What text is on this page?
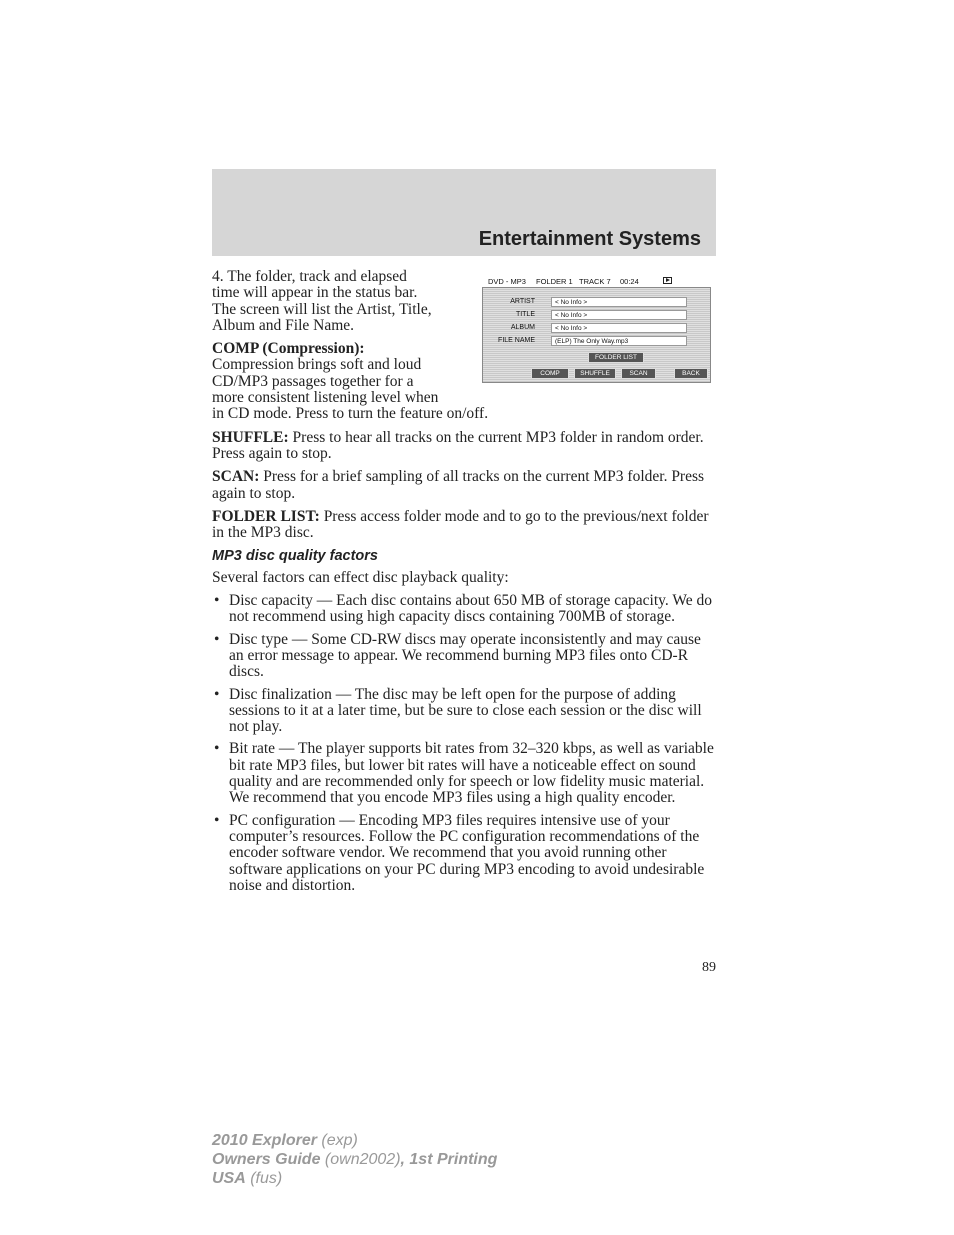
Entertainment Systems
DVD - MP3 FOLDER 1 TRACK 7 00:24
ARTIST	< No Info >
TITLE	< No Info >
ALBUM	< No Info >
FILE NAME	(ELP) The Only Way.mp3
FOLDER LIST
COMP	SHUFFLE	SCAN	BACK

4. The folder, track and elapsed
time will appear in the status bar.
The screen will list the Artist, Title,
Album and File Name.

COMP (Compression):
Compression brings soft and loud
CD/MP3 passages together for a
more consistent listening level when
in CD mode. Press to turn the feature on/off.

SHUFFLE: Press to hear all tracks on the current MP3 folder in random order. Press again to stop.

SCAN: Press for a brief sampling of all tracks on the current MP3 folder. Press again to stop.

FOLDER LIST: Press access folder mode and to go to the previous/next folder in the MP3 disc.

MP3 disc quality factors

Several factors can effect disc playback quality:

• Disc capacity — Each disc contains about 650 MB of storage capacity. We do not recommend using high capacity discs containing 700MB of storage.
• Disc type — Some CD-RW discs may operate inconsistently and may cause an error message to appear. We recommend burning MP3 files onto CD-R discs.
• Disc finalization — The disc may be left open for the purpose of adding sessions to it at a later time, but be sure to close each session or the disc will not play.
• Bit rate — The player supports bit rates from 32–320 kbps, as well as variable bit rate MP3 files, but lower bit rates will have a noticeable effect on sound quality and are recommended only for speech or low fidelity music material. We recommend that you encode MP3 files using a high quality encoder.
• PC configuration — Encoding MP3 files requires intensive use of your computer’s resources. Follow the PC configuration recommendations of the encoder software vendor. We recommend that you avoid running other software applications on your PC during MP3 encoding to avoid undesirable noise and distortion.
89
2010 Explorer (exp)
Owners Guide (own2002), 1st Printing
USA (fus)
